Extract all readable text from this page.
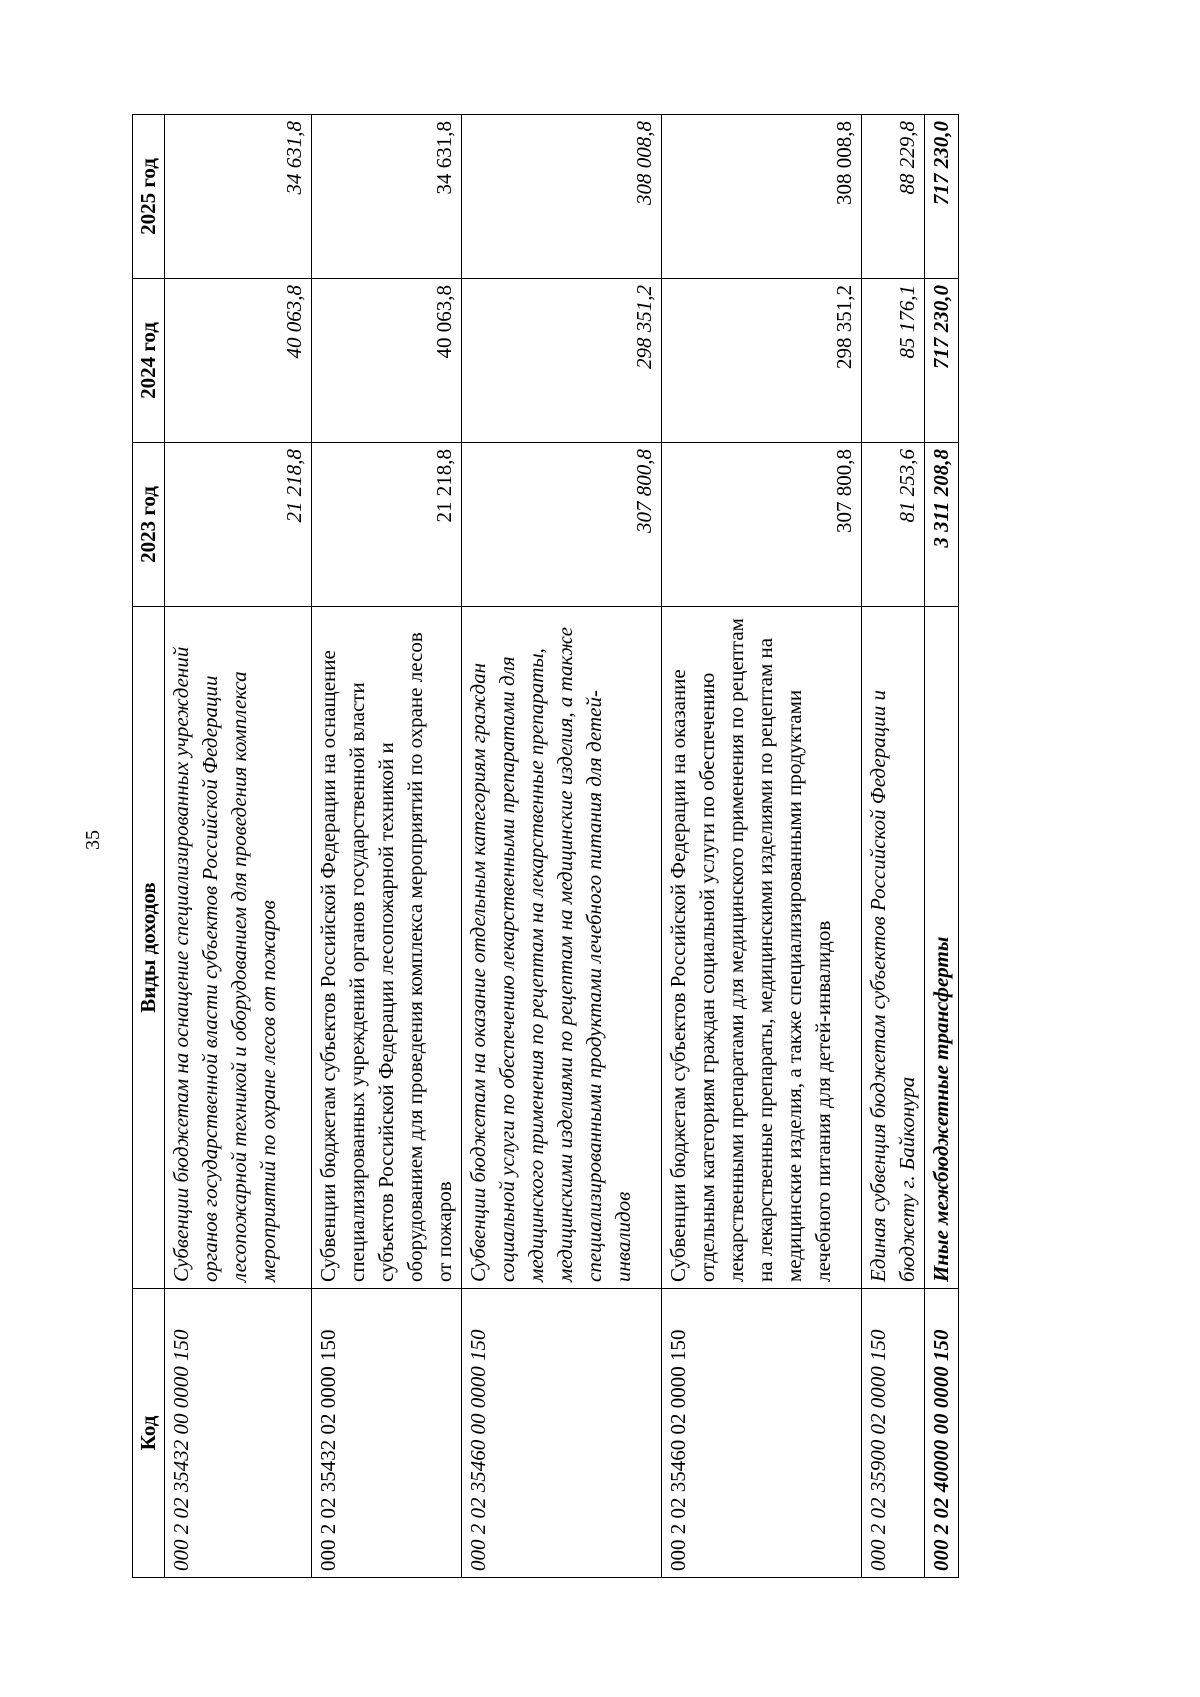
35
Код	Виды доходов	2023 год	2024 год	2025 год
000 2 02 35432 00 0000 150	Субвенции бюджетам на оснащение специализированных учреждений органов государственной власти субъектов Российской Федерации лесопожарной техникой и оборудованием для проведения комплекса мероприятий по охране лесов от пожаров	21 218,8	40 063,8	34 631,8
000 2 02 35432 02 0000 150	Субвенции бюджетам субъектов Российской Федерации на оснащение специализированных учреждений органов государственной власти субъектов Российской Федерации лесопожарной техникой и оборудованием для проведения комплекса мероприятий по охране лесов от пожаров	21 218,8	40 063,8	34 631,8
000 2 02 35460 00 0000 150	Субвенции бюджетам на оказание отдельным категориям граждан социальной услуги по обеспечению лекарственными препаратами для медицинского применения по рецептам на лекарственные препараты, медицинскими изделиями по рецептам на медицинские изделия, а также специализированными продуктами лечебного питания для детей-инвалидов	307 800,8	298 351,2	308 008,8
000 2 02 35460 02 0000 150	Субвенции бюджетам субъектов Российской Федерации на оказание отдельным категориям граждан социальной услуги по обеспечению лекарственными препаратами для медицинского применения по рецептам на лекарственные препараты, медицинскими изделиями по рецептам на медицинские изделия, а также специализированными продуктами лечебного питания для детей-инвалидов	307 800,8	298 351,2	308 008,8
000 2 02 35900 02 0000 150	Единая субвенция бюджетам субъектов Российской Федерации и бюджету г. Байконура	81 253,6	85 176,1	88 229,8
000 2 02 40000 00 0000 150	Иные межбюджетные трансферты	3 311 208,8	717 230,0	717 230,0
